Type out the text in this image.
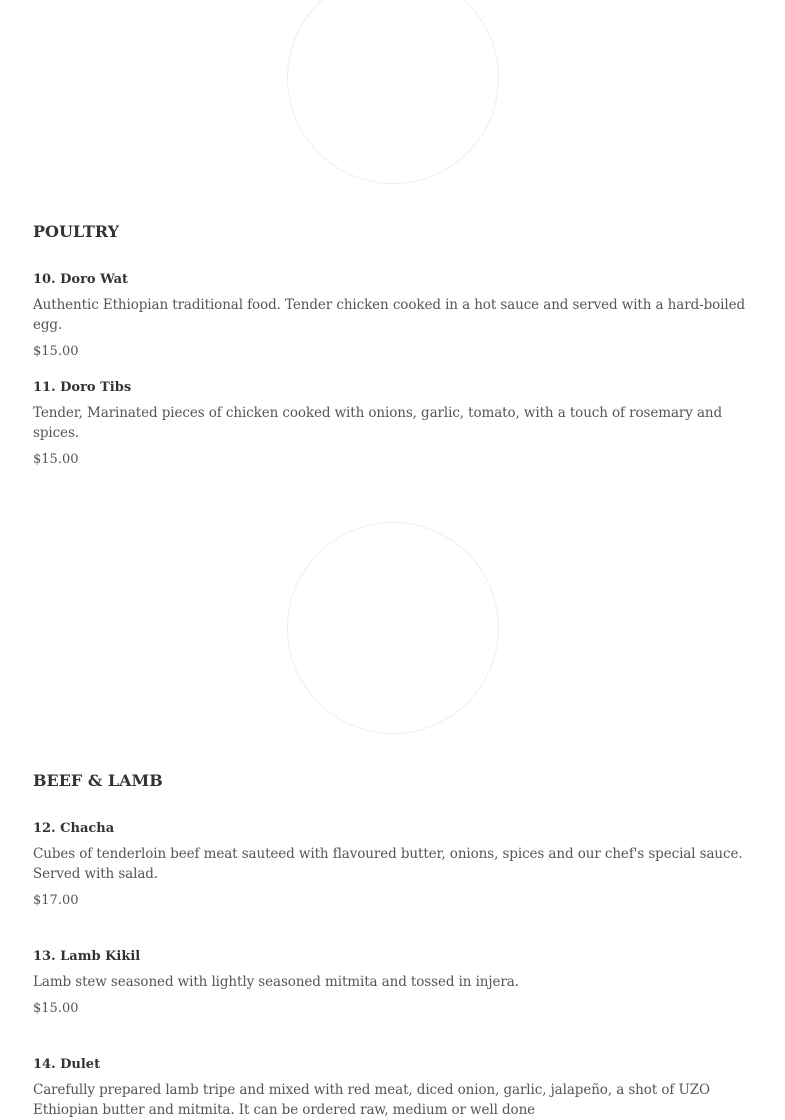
POULTRY

10. Doro Wat

Authentic Ethiopian traditional food. Tender chicken cooked in a hot sauce and served with a hard-boiled egg.

$15.00

11. Doro Tibs

Tender, Marinated pieces of chicken cooked with onions, garlic, tomato, with a touch of rosemary and spices.

$15.00

BEEF & LAMB

12. Chacha

Cubes of tenderloin beef meat sauteed with flavoured butter, onions, spices and our chef's special sauce. Served with salad.

$17.00

13. Lamb Kikil

Lamb stew seasoned with lightly seasoned mitmita and tossed in injera.

$15.00

14. Dulet

Carefully prepared lamb tripe and mixed with red meat, diced onion, garlic, jalapeño, a shot of UZO Ethiopian butter and mitmita. It can be ordered raw, medium or well done
